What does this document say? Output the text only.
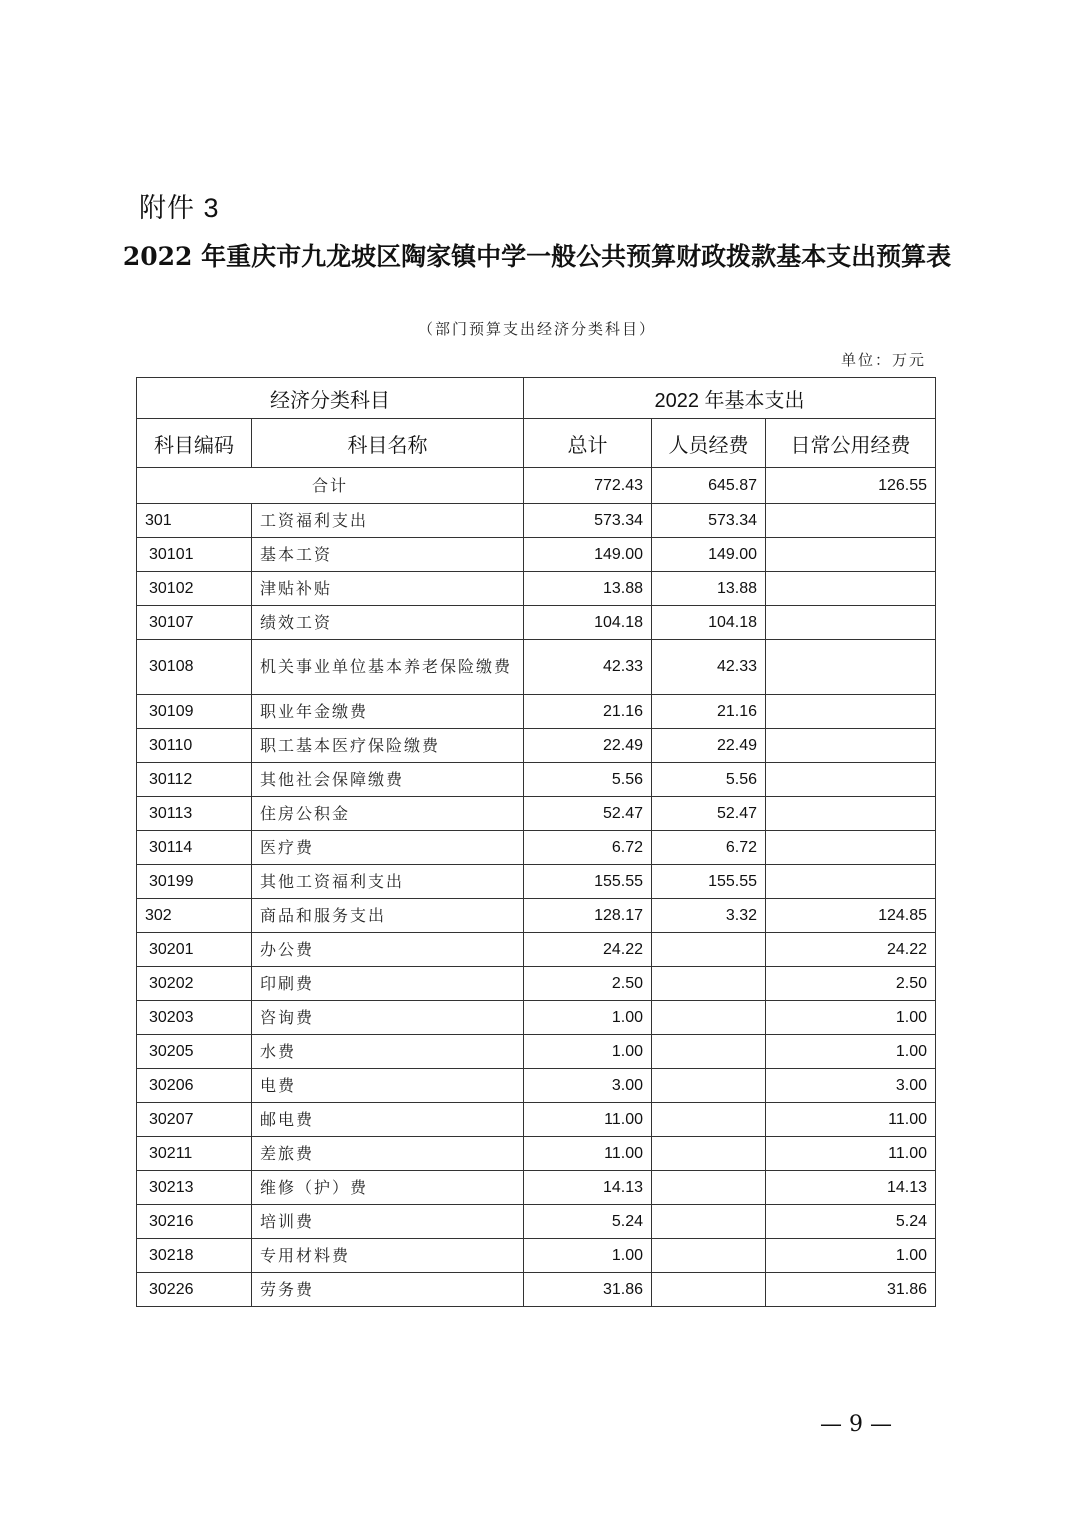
附件 3
2022 年重庆市九龙坡区陶家镇中学一般公共预算财政拨款基本支出预算表
（部门预算支出经济分类科目）
单位：万元
经济分类科目		2022 年基本支出		
科目编码	科目名称	总计	人员经费	日常公用经费
合计		772.43	645.87	126.55
301	工资福利支出	573.34	573.34	
30101	基本工资	149.00	149.00	
30102	津贴补贴	13.88	13.88	
30107	绩效工资	104.18	104.18	
30108	机关事业单位基本养老保险缴费	42.33	42.33	
30109	职业年金缴费	21.16	21.16	
30110	职工基本医疗保险缴费	22.49	22.49	
30112	其他社会保障缴费	5.56	5.56	
30113	住房公积金	52.47	52.47	
30114	医疗费	6.72	6.72	
30199	其他工资福利支出	155.55	155.55	
302	商品和服务支出	128.17	3.32	124.85
30201	办公费	24.22		24.22
30202	印刷费	2.50		2.50
30203	咨询费	1.00		1.00
30205	水费	1.00		1.00
30206	电费	3.00		3.00
30207	邮电费	11.00		11.00
30211	差旅费	11.00		11.00
30213	维修（护）费	14.13		14.13
30216	培训费	5.24		5.24
30218	专用材料费	1.00		1.00
30226	劳务费	31.86		31.86
— 9 —
